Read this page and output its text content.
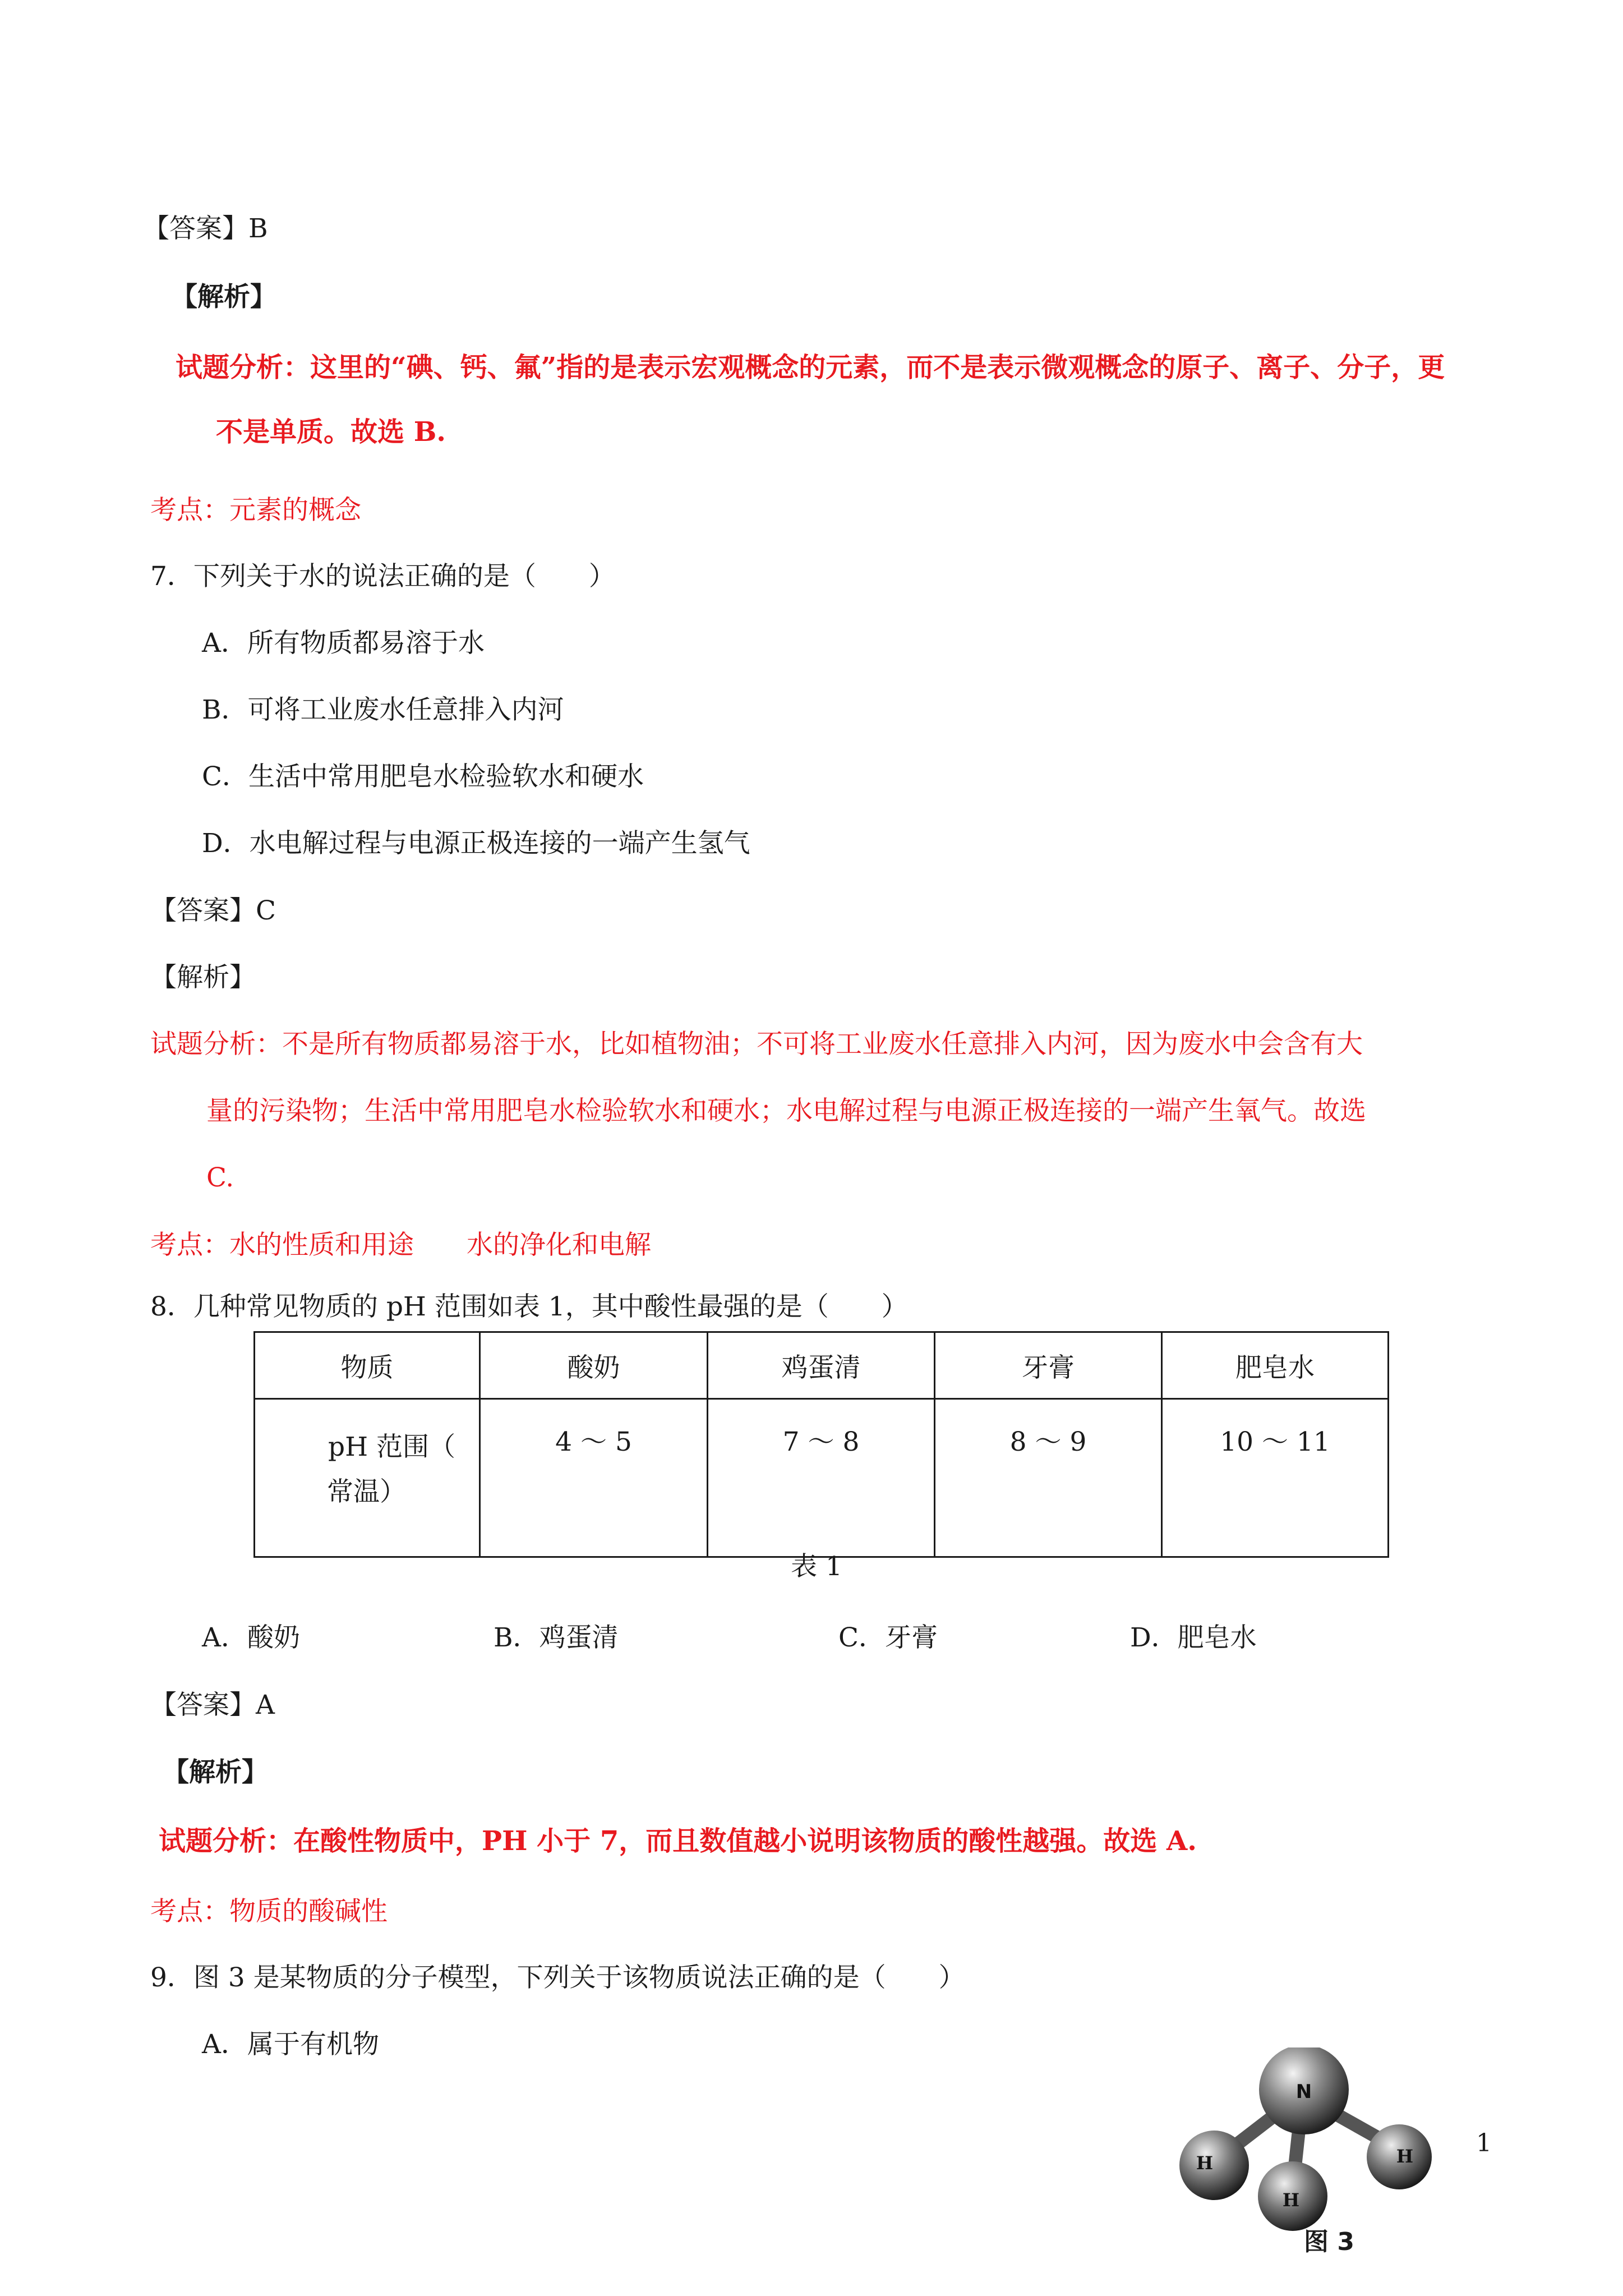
【答案】B
【解析】
试题分析：这里的“碘、钙、氟”指的是表示宏观概念的元素，而不是表示微观概念的原子、离子、分子，更
不是单质。故选 B.
考点：元素的概念
7．下列关于水的说法正确的是（　　）
A．所有物质都易溶于水
B．可将工业废水任意排入内河
C．生活中常用肥皂水检验软水和硬水
D．水电解过程与电源正极连接的一端产生氢气
【答案】C
【解析】
试题分析：不是所有物质都易溶于水，比如植物油；不可将工业废水任意排入内河，因为废水中会含有大
量的污染物；生活中常用肥皂水检验软水和硬水；水电解过程与电源正极连接的一端产生氧气。故选
C.
考点：水的性质和用途　　水的净化和电解
8．几种常见物质的 pH 范围如表 1，其中酸性最强的是（　　）
物质	酸奶	鸡蛋清	牙膏	肥皂水

pH 范围（
常温）	4 ～ 5	7 ～ 8	8 ～ 9	10 ～ 11
表 1
A．酸奶	B．鸡蛋清	C．牙膏	D．肥皂水
【答案】A
【解析】
试题分析：在酸性物质中，PH 小于 7，而且数值越小说明该物质的酸性越强。故选 A.
考点：物质的酸碱性
9．图 3 是某物质的分子模型，下列关于该物质说法正确的是（　　）
A．属于有机物
N
H	H
H
图 3
1
